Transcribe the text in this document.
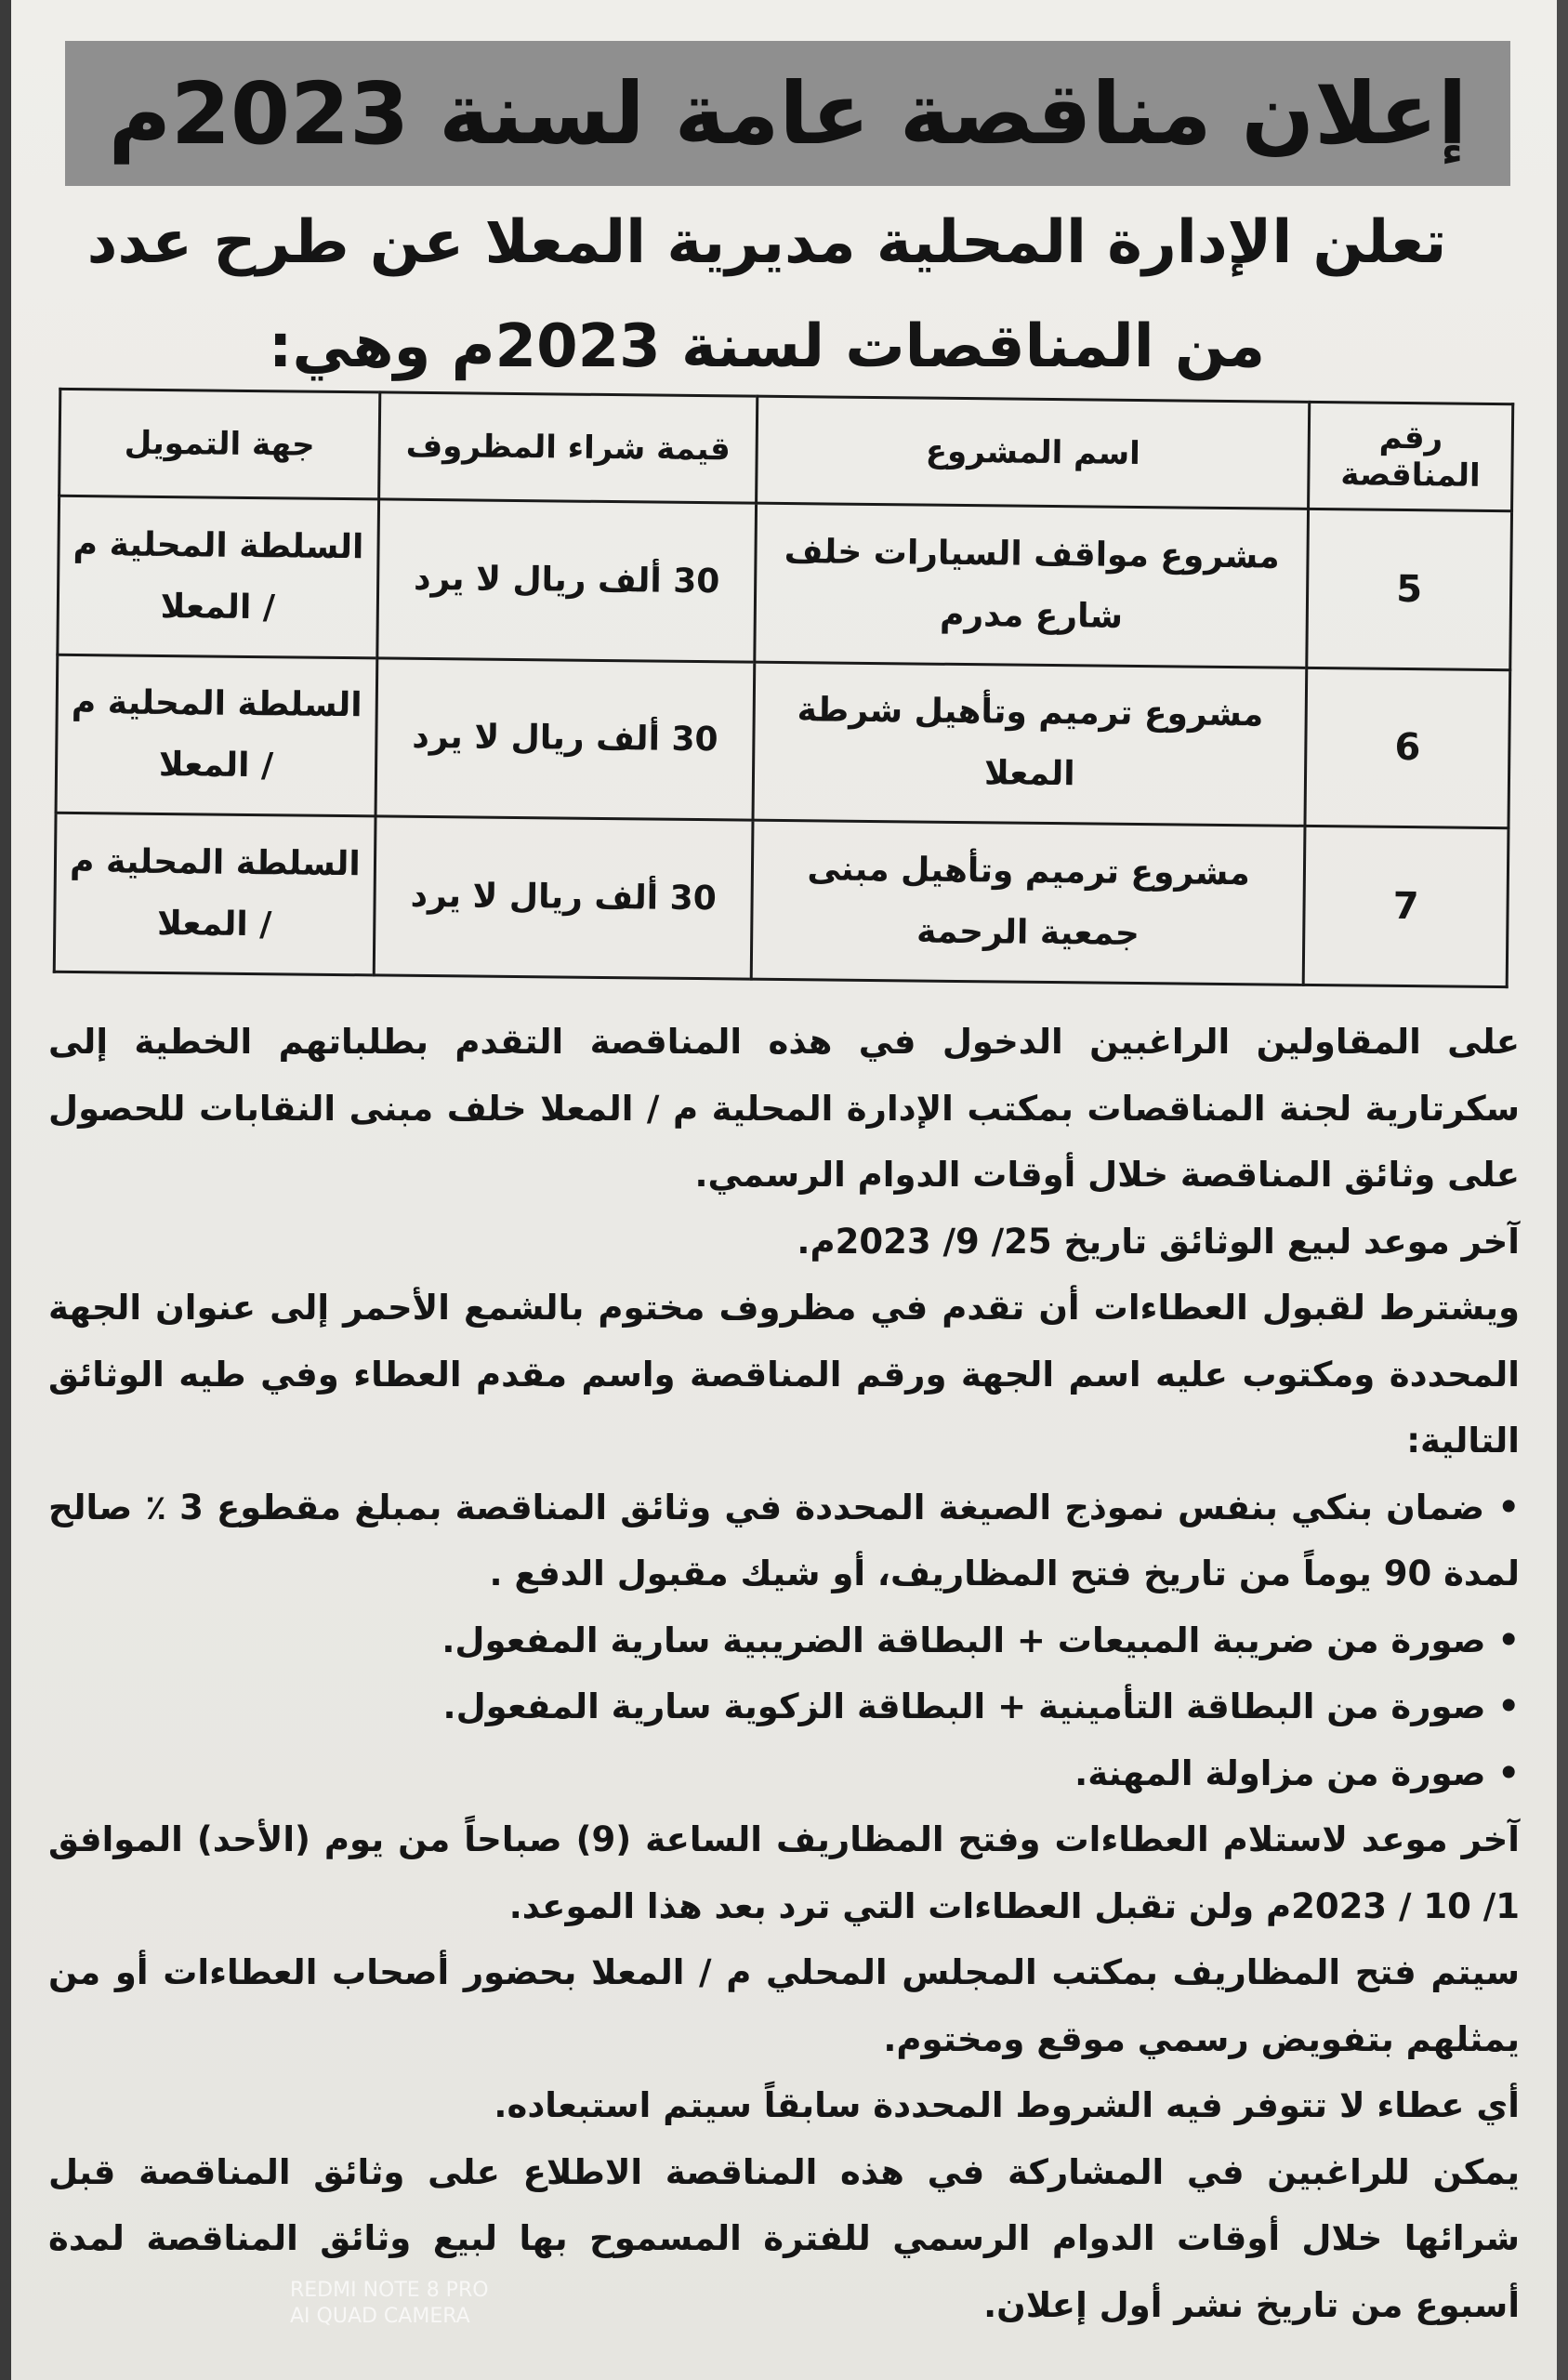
إعلان مناقصة عامة لسنة 2023م
تعلن الإدارة المحلية مديرية المعلا عن طرح عدد من المناقصات لسنة 2023م وهي:
رقم المناقصة	اسم المشروع	قيمة شراء المظروف	جهة التمويل
5	مشروع مواقف السيارات خلف شارع مدرم	30 ألف ريال لا يرد	السلطة المحلية م / المعلا
6	مشروع ترميم وتأهيل شرطة المعلا	30 ألف ريال لا يرد	السلطة المحلية م / المعلا
7	مشروع ترميم وتأهيل مبنى جمعية الرحمة	30 ألف ريال لا يرد	السلطة المحلية م / المعلا

على المقاولين الراغبين الدخول في هذه المناقصة التقدم بطلباتهم الخطية إلى سكرتارية لجنة المناقصات بمكتب الإدارة المحلية م / المعلا خلف مبنى النقابات للحصول على وثائق المناقصة خلال أوقات الدوام الرسمي.

آخر موعد لبيع الوثائق تاريخ 25/ 9/ 2023م.

ويشترط لقبول العطاءات أن تقدم في مظروف مختوم بالشمع الأحمر إلى عنوان الجهة المحددة ومكتوب عليه اسم الجهة ورقم المناقصة واسم مقدم العطاء وفي طيه الوثائق التالية:

• ضمان بنكي بنفس نموذج الصيغة المحددة في وثائق المناقصة بمبلغ مقطوع 3 ٪ صالح لمدة 90 يوماً من تاريخ فتح المظاريف، أو شيك مقبول الدفع .

• صورة من ضريبة المبيعات + البطاقة الضريبية سارية المفعول.

• صورة من البطاقة التأمينية + البطاقة الزكوية سارية المفعول.

• صورة من مزاولة المهنة.

آخر موعد لاستلام العطاءات وفتح المظاريف الساعة (9) صباحاً من يوم (الأحد) الموافق 1/ 10 / 2023م ولن تقبل العطاءات التي ترد بعد هذا الموعد.

سيتم فتح المظاريف بمكتب المجلس المحلي م / المعلا بحضور أصحاب العطاءات أو من يمثلهم بتفويض رسمي موقع ومختوم.

أي عطاء لا تتوفر فيه الشروط المحددة سابقاً سيتم استبعاده.

يمكن للراغبين في المشاركة في هذه المناقصة الاطلاع على وثائق المناقصة قبل شرائها خلال أوقات الدوام الرسمي للفترة المسموح بها لبيع وثائق المناقصة لمدة أسبوع من تاريخ نشر أول إعلان.

REDMI NOTE 8 PRO
AI QUAD CAMERA
